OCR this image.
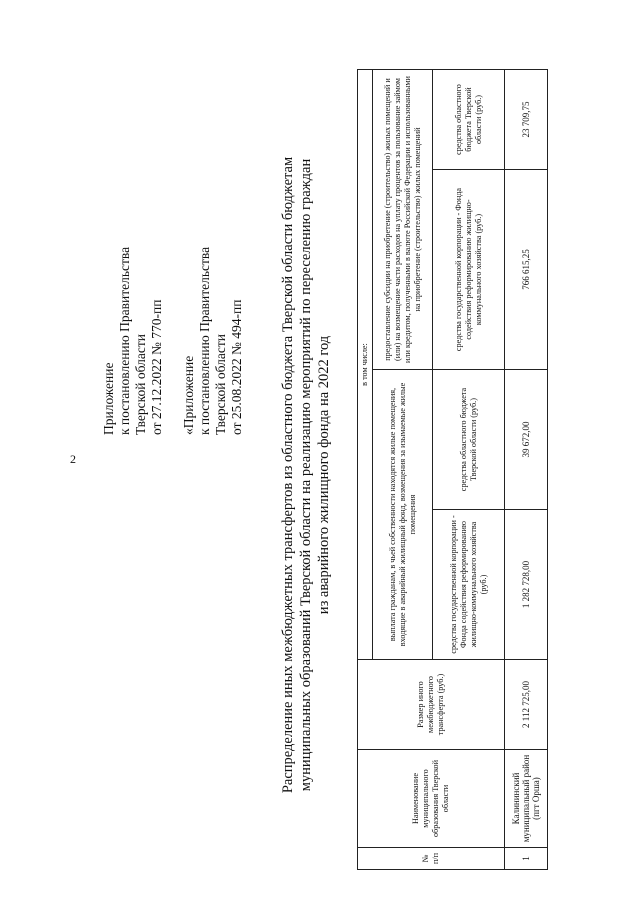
2
Приложение к постановлению Правительства Тверской области от 27.12.2022 № 770-пп «Приложение к постановлению Правительства Тверской области от 25.08.2022 № 494-пп Распределение иных межбюджетных трансфертов из областного бюджета Тверской области бюджетам муниципальных образований Тверской области на реализацию мероприятий по переселению граждан из аварийного жилищного фонда на 2022 год
№ п/п	Наименование муниципального образования Тверской области	Размер иного межбюджетного трансферта (руб.)	в том числе:			
			выплата гражданам, в чьей собственности находятся жилые помещения, входящие в аварийный жилищный фонд, возмещения за изымаемые жилые помещения		предоставление субсидии на приобретение (строительство) жилых помещений и (или) на возмещение части расходов на уплату процентов за пользование займом или кредитом, полученными в валюте Российской Федерации и использованными на приобретение (строительство) жилых помещений	
			средства государственной корпорации - Фонда содействия реформированию жилищно-коммунального хозяйства (руб.)	средства областного бюджета Тверской области (руб.)	средства государственной корпорации - Фонда содействия реформированию жилищно-коммунального хозяйства (руб.)	средства областного бюджета Тверской области (руб.)
1	Калининский муниципальный район (пгт Орша)	2 112 725,00	1 282 728,00	39 672,00	766 615,25	23 709,75
